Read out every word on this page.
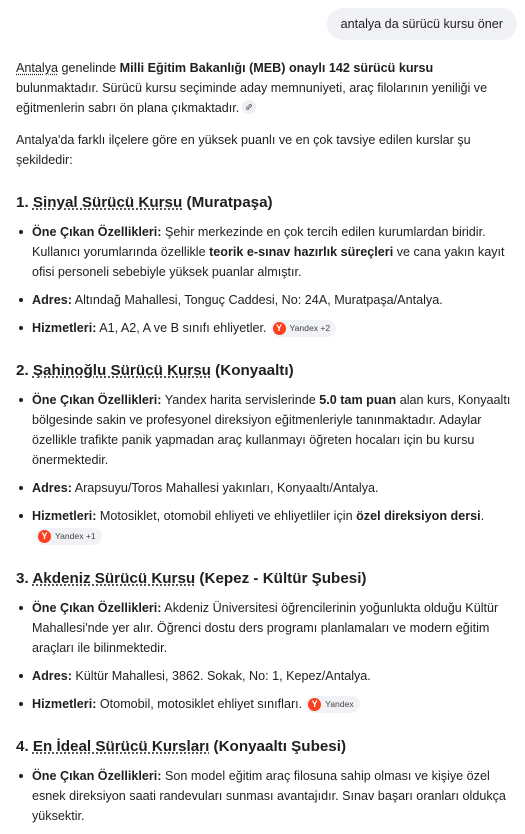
antalya da sürücü kursu öner

Antalya genelinde Milli Eğitim Bakanlığı (MEB) onaylı 142 sürücü kursu bulunmaktadır. Sürücü kursu seçiminde aday memnuniyeti, araç filolarının yeniliği ve eğitmenlerin sabrı ön plana çıkmaktadır.

Antalya'da farklı ilçelere göre en yüksek puanlı ve en çok tavsiye edilen kurslar şu şekildedir:

1. Sinyal Sürücü Kursu (Muratpaşa)
Öne Çıkan Özellikleri: Şehir merkezinde en çok tercih edilen kurumlardan biridir. Kullanıcı yorumlarında özellikle teorik e-sınav hazırlık süreçleri ve cana yakın kayıt ofisi personeli sebebiyle yüksek puanlar almıştır.
Adres: Altındağ Mahallesi, Tonguç Caddesi, No: 24A, Muratpaşa/Antalya.
Hizmetleri: A1, A2, A ve B sınıfı ehliyetler.	Y Yandex +2
2. Şahinoğlu Sürücü Kursu (Konyaaltı)
Öne Çıkan Özellikleri: Yandex harita servislerinde 5.0 tam puan alan kurs, Konyaaltı bölgesinde sakin ve profesyonel direksiyon eğitmenleriyle tanınmaktadır. Adaylar özellikle trafikte panik yapmadan araç kullanmayı öğreten hocaları için bu kursu önermektedir.
Adres: Arapsuyu/Toros Mahallesi yakınları, Konyaaltı/Antalya.
Hizmetleri: Motosiklet, otomobil ehliyeti ve ehliyetliler için özel direksiyon dersi.
Y Yandex +1
3. Akdeniz Sürücü Kursu (Kepez - Kültür Şubesi)
Öne Çıkan Özellikleri: Akdeniz Üniversitesi öğrencilerinin yoğunlukta olduğu Kültür Mahallesi'nde yer alır. Öğrenci dostu ders programı planlamaları ve modern eğitim araçları ile bilinmektedir.
Adres: Kültür Mahallesi, 3862. Sokak, No: 1, Kepez/Antalya.
Hizmetleri: Otomobil, motosiklet ehliyet sınıfları.	Y Yandex
4. En İdeal Sürücü Kursları (Konyaaltı Şubesi)
Öne Çıkan Özellikleri: Son model eğitim araç filosuna sahip olması ve kişiye özel esnek direksiyon saati randevuları sunması avantajıdır. Sınav başarı oranları oldukça yüksektir.
